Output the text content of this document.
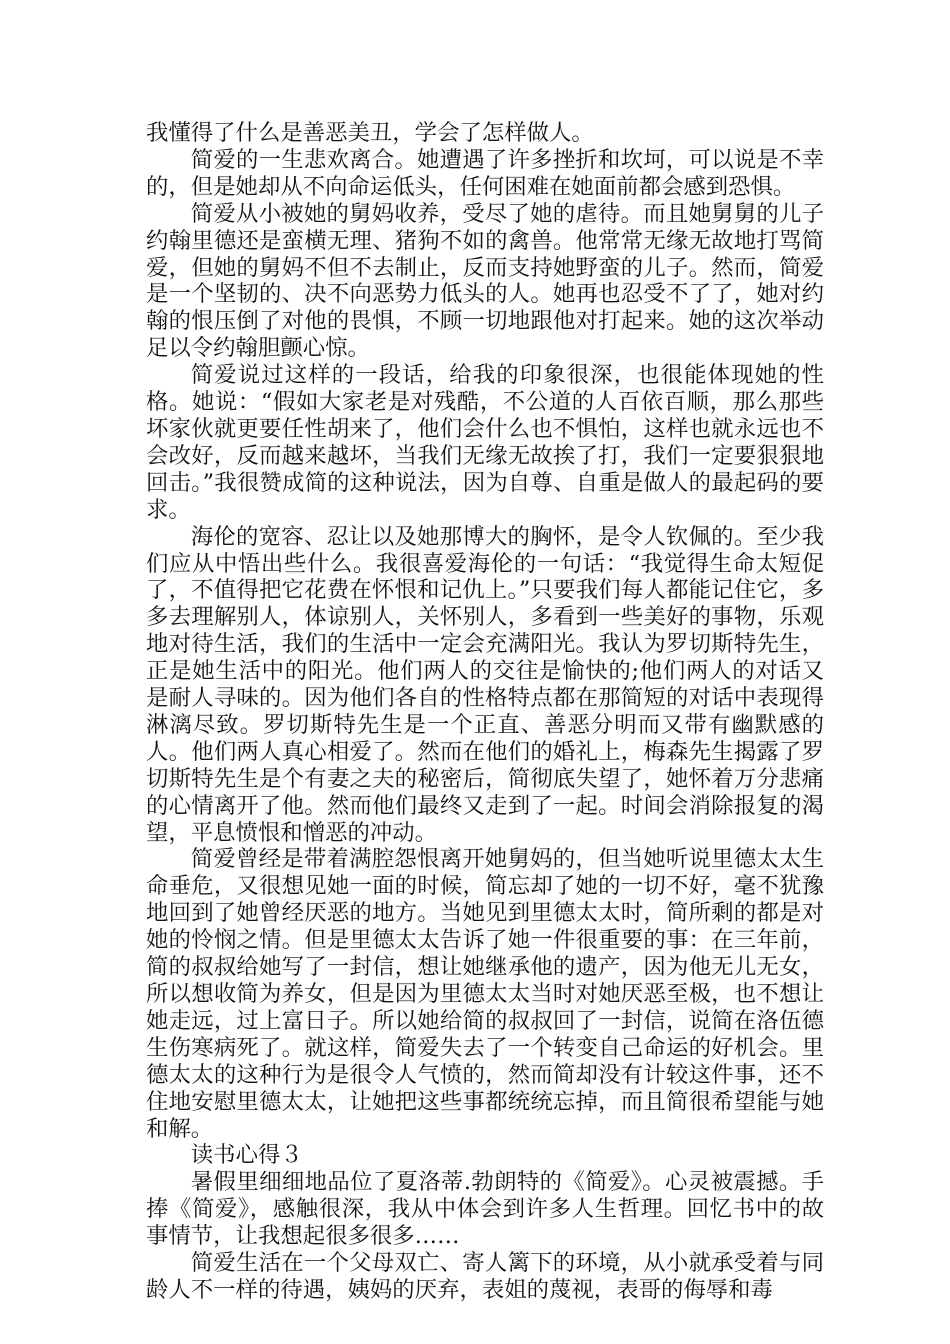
我懂得了什么是善恶美丑，学会了怎样做人。

简爱的一生悲欢离合。她遭遇了许多挫折和坎坷，可以说是不幸的，但是她却从不向命运低头，任何困难在她面前都会感到恐惧。

简爱从小被她的舅妈收养，受尽了她的虐待。而且她舅舅的儿子约翰里德还是蛮横无理、猪狗不如的禽兽。他常常无缘无故地打骂简爱，但她的舅妈不但不去制止，反而支持她野蛮的儿子。然而，简爱是一个坚韧的、决不向恶势力低头的人。她再也忍受不了了，她对约翰的恨压倒了对他的畏惧，不顾一切地跟他对打起来。她的这次举动足以令约翰胆颤心惊。

简爱说过这样的一段话，给我的印象很深，也很能体现她的性格。她说：“假如大家老是对残酷，不公道的人百依百顺，那么那些坏家伙就更要任性胡来了，他们会什么也不惧怕，这样也就永远也不会改好，反而越来越坏，当我们无缘无故挨了打，我们一定要狠狠地回击。”我很赞成简的这种说法，因为自尊、自重是做人的最起码的要求。

海伦的宽容、忍让以及她那博大的胸怀，是令人钦佩的。至少我们应从中悟出些什么。我很喜爱海伦的一句话：“我觉得生命太短促了，不值得把它花费在怀恨和记仇上。”只要我们每人都能记住它，多多去理解别人，体谅别人，关怀别人，多看到一些美好的事物，乐观地对待生活，我们的生活中一定会充满阳光。我认为罗切斯特先生，正是她生活中的阳光。他们两人的交往是愉快的;他们两人的对话又是耐人寻味的。因为他们各自的性格特点都在那简短的对话中表现得淋漓尽致。罗切斯特先生是一个正直、善恶分明而又带有幽默感的人。他们两人真心相爱了。然而在他们的婚礼上，梅森先生揭露了罗切斯特先生是个有妻之夫的秘密后，简彻底失望了，她怀着万分悲痛的心情离开了他。然而他们最终又走到了一起。时间会消除报复的渴望，平息愤恨和憎恶的冲动。

简爱曾经是带着满腔怨恨离开她舅妈的，但当她听说里德太太生命垂危，又很想见她一面的时候，简忘却了她的一切不好，毫不犹豫地回到了她曾经厌恶的地方。当她见到里德太太时，简所剩的都是对她的怜悯之情。但是里德太太告诉了她一件很重要的事：在三年前，简的叔叔给她写了一封信，想让她继承他的遗产，因为他无儿无女，所以想收简为养女，但是因为里德太太当时对她厌恶至极，也不想让她走远，过上富日子。所以她给简的叔叔回了一封信，说简在洛伍德生伤寒病死了。就这样，简爱失去了一个转变自己命运的好机会。里德太太的这种行为是很令人气愤的，然而简却没有计较这件事，还不住地安慰里德太太，让她把这些事都统统忘掉，而且简很希望能与她和解。

读书心得３

暑假里细细地品位了夏洛蒂.勃朗特的《简爱》。心灵被震撼。手捧《简爱》，感触很深，我从中体会到许多人生哲理。回忆书中的故事情节，让我想起很多很多……

简爱生活在一个父母双亡、寄人篱下的环境，从小就承受着与同龄人不一样的待遇，姨妈的厌弃，表姐的蔑视，表哥的侮辱和毒
